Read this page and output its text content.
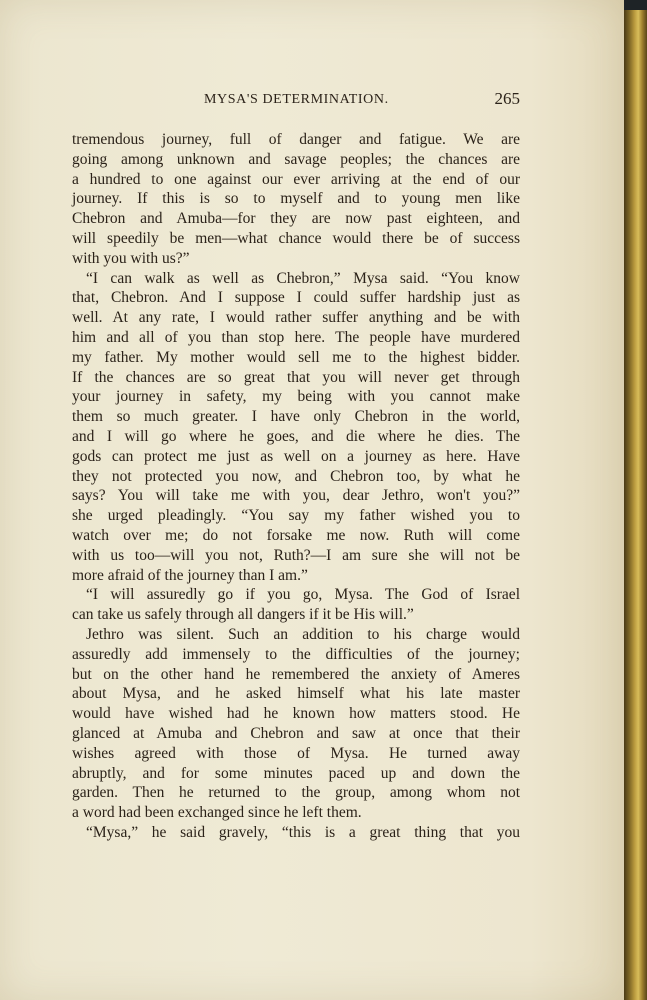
MYSA'S DETERMINATION.	265
tremendous journey, full of danger and fatigue. We are
going among unknown and savage peoples; the chances are
a hundred to one against our ever arriving at the end of our
journey. If this is so to myself and to young men like
Chebron and Amuba—for they are now past eighteen, and
will speedily be men—what chance would there be of success
with you with us?”
“I can walk as well as Chebron,” Mysa said. “You know
that, Chebron. And I suppose I could suffer hardship just as
well. At any rate, I would rather suffer anything and be with
him and all of you than stop here. The people have murdered
my father. My mother would sell me to the highest bidder.
If the chances are so great that you will never get through
your journey in safety, my being with you cannot make
them so much greater. I have only Chebron in the world,
and I will go where he goes, and die where he dies. The
gods can protect me just as well on a journey as here. Have
they not protected you now, and Chebron too, by what he
says? You will take me with you, dear Jethro, won't you?”
she urged pleadingly. “You say my father wished you to
watch over me; do not forsake me now. Ruth will come
with us too—will you not, Ruth?—I am sure she will not be
more afraid of the journey than I am.”
“I will assuredly go if you go, Mysa. The God of Israel
can take us safely through all dangers if it be His will.”
Jethro was silent. Such an addition to his charge would
assuredly add immensely to the difficulties of the journey;
but on the other hand he remembered the anxiety of Ameres
about Mysa, and he asked himself what his late master
would have wished had he known how matters stood. He
glanced at Amuba and Chebron and saw at once that their
wishes agreed with those of Mysa. He turned away
abruptly, and for some minutes paced up and down the
garden. Then he returned to the group, among whom not
a word had been exchanged since he left them.
“Mysa,” he said gravely, “this is a great thing that you
